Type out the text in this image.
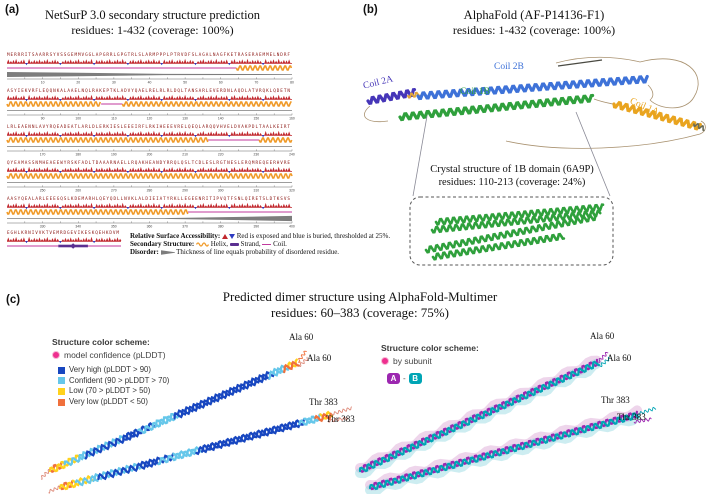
(a)	NetSurP 3.0 secondary structure prediction
residues: 1-432 (coverage: 100%)
MERRRITSAARRSYVSSGEMMVGGLAPGRRLGPGTRLSLARMPPPLPTRVDFSLAGALNAGFKETRASERAEMMELNDRF
10	20	30	40	50	60	70	80
ASYIEKVRFLEQQNKALAAELNQLRAKEPTKLADVYQAELRELRLRLDQLTANSARLEVERDNLAQDLATVRQKLQDETN
90	100	110	120	130	140	150	160
LRLEAENNLAVYRQEADEATLARLDLERKIESLEEEIRFLRKIHEEEVRELQEQLARQQVHVELDVAKPDLTAALKEIRT
170	180	190	200	210	220	230	240
QYEAMASSNMHEAEEWYRSKFADLTDAAARNAELLRQAKHEANDYRRQLQSLTCDLESLRGTNESLERQMREQEERHVRE
250	260	270	280	290	300	310	320
AASYQEALARLEEEGQSLKDEMARHLQEYQDLLNVKLALDIEIATYRKLLEGEENRITIPVQTFSNLQIRETSLDTKSVS
330	340	350	360	370	380	390	400
EGHLKRNIVVKTVEMRDGEVIKESKQEHKDVM Relative Surface Accessibility: Red is exposed and blue is buried, thresholded at 25%.
Secondary Structure: Helix, Strand, Coil.
Disorder: Thickness of line equals probability of disordered residue.
(b)	AlphaFold (AF-P14136-F1)
residues: 1-432 (coverage: 100%)
Coil 2A
Coil 2B
Coil 1B
Coil 1A
Crystal structure of 1B domain (6A9P)
residues: 110-213 (coverage: 24%)
(c)	Predicted dimer structure using AlphaFold-Multimer
residues: 60–383 (coverage: 75%)
Structure color scheme:
model confidence (pLDDT)
Very high (pLDDT > 90)
Confident (90 > pLDDT > 70)
Low (70 > pLDDT > 50)
Very low (pLDDT < 50)
Structure color scheme:
by subunit
A - B
Ala 60
Ala 60
Thr 383
Thr 383
Ala 60
Ala 60
Thr 383
Thr 383
